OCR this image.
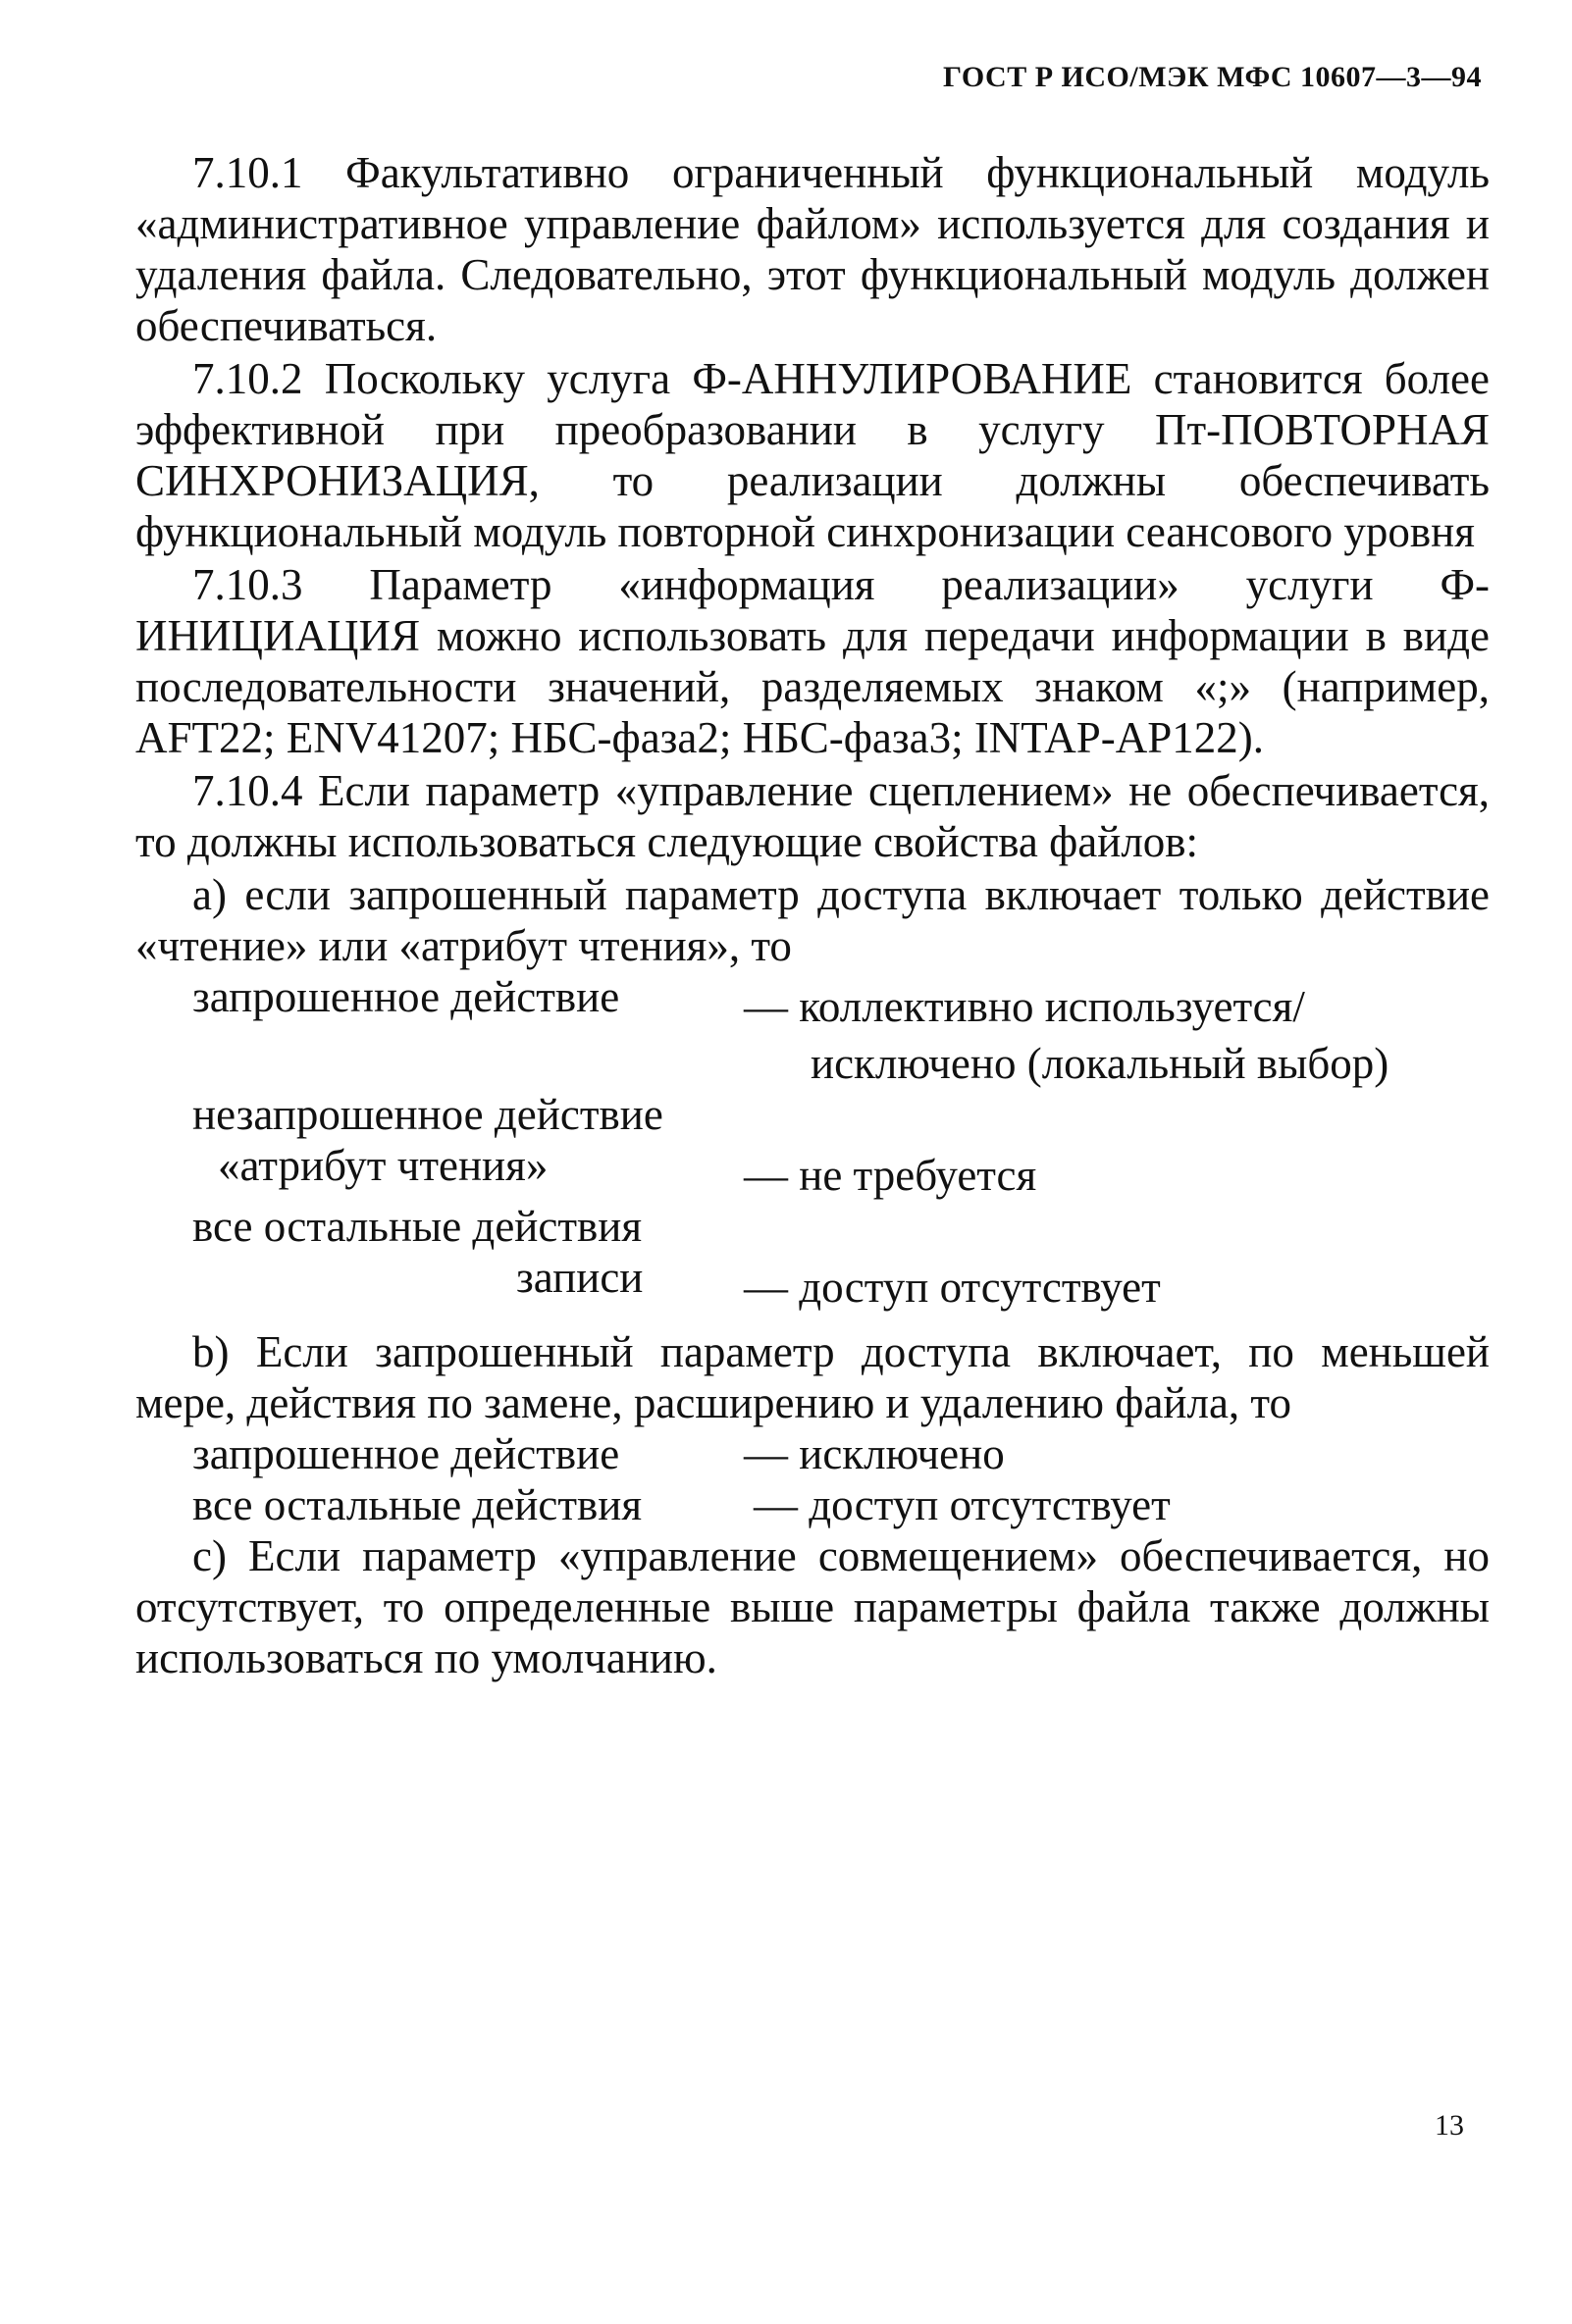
ГОСТ Р ИСО/МЭК МФС 10607—3—94

7.10.1 Факультативно ограниченный функциональный модуль «административное управление файлом» используется для создания и удаления файла. Следовательно, этот функциональный модуль должен обеспечиваться.

7.10.2 Поскольку услуга Ф-АННУЛИРОВАНИЕ становится более эффективной при преобразовании в услугу Пт-ПОВТОРНАЯ СИНХРОНИЗАЦИЯ, то реализации должны обеспечивать функциональный модуль повторной синхронизации сеансового уровня

7.10.3 Параметр «информация реализации» услуги Ф-ИНИЦИАЦИЯ можно использовать для передачи информации в виде последовательности значений, разделяемых знаком «;» (например, AFT22; ENV41207; НБС-фаза2; НБС-фаза3; INTAP-AP122).

7.10.4 Если параметр «управление сцеплением» не обеспечивается, то должны использоваться следующие свойства файлов:

a) если запрошенный параметр доступа включает только действие «чтение» или «атрибут чтения», то

запрошенное действие	— коллективно используется/
исключено (локальный выбор)
незапрошенное действие
«атрибут чтения»	— не требуется
все остальные действия
записи	— доступ отсутствует

b) Если запрошенный параметр доступа включает, по меньшей мере, действия по замене, расширению и удалению файла, то

запрошенное действие	— исключено
все остальные действия	— доступ отсутствует

c) Если параметр «управление совмещением» обеспечивается, но отсутствует, то определенные выше параметры файла также должны использоваться по умолчанию.

13
